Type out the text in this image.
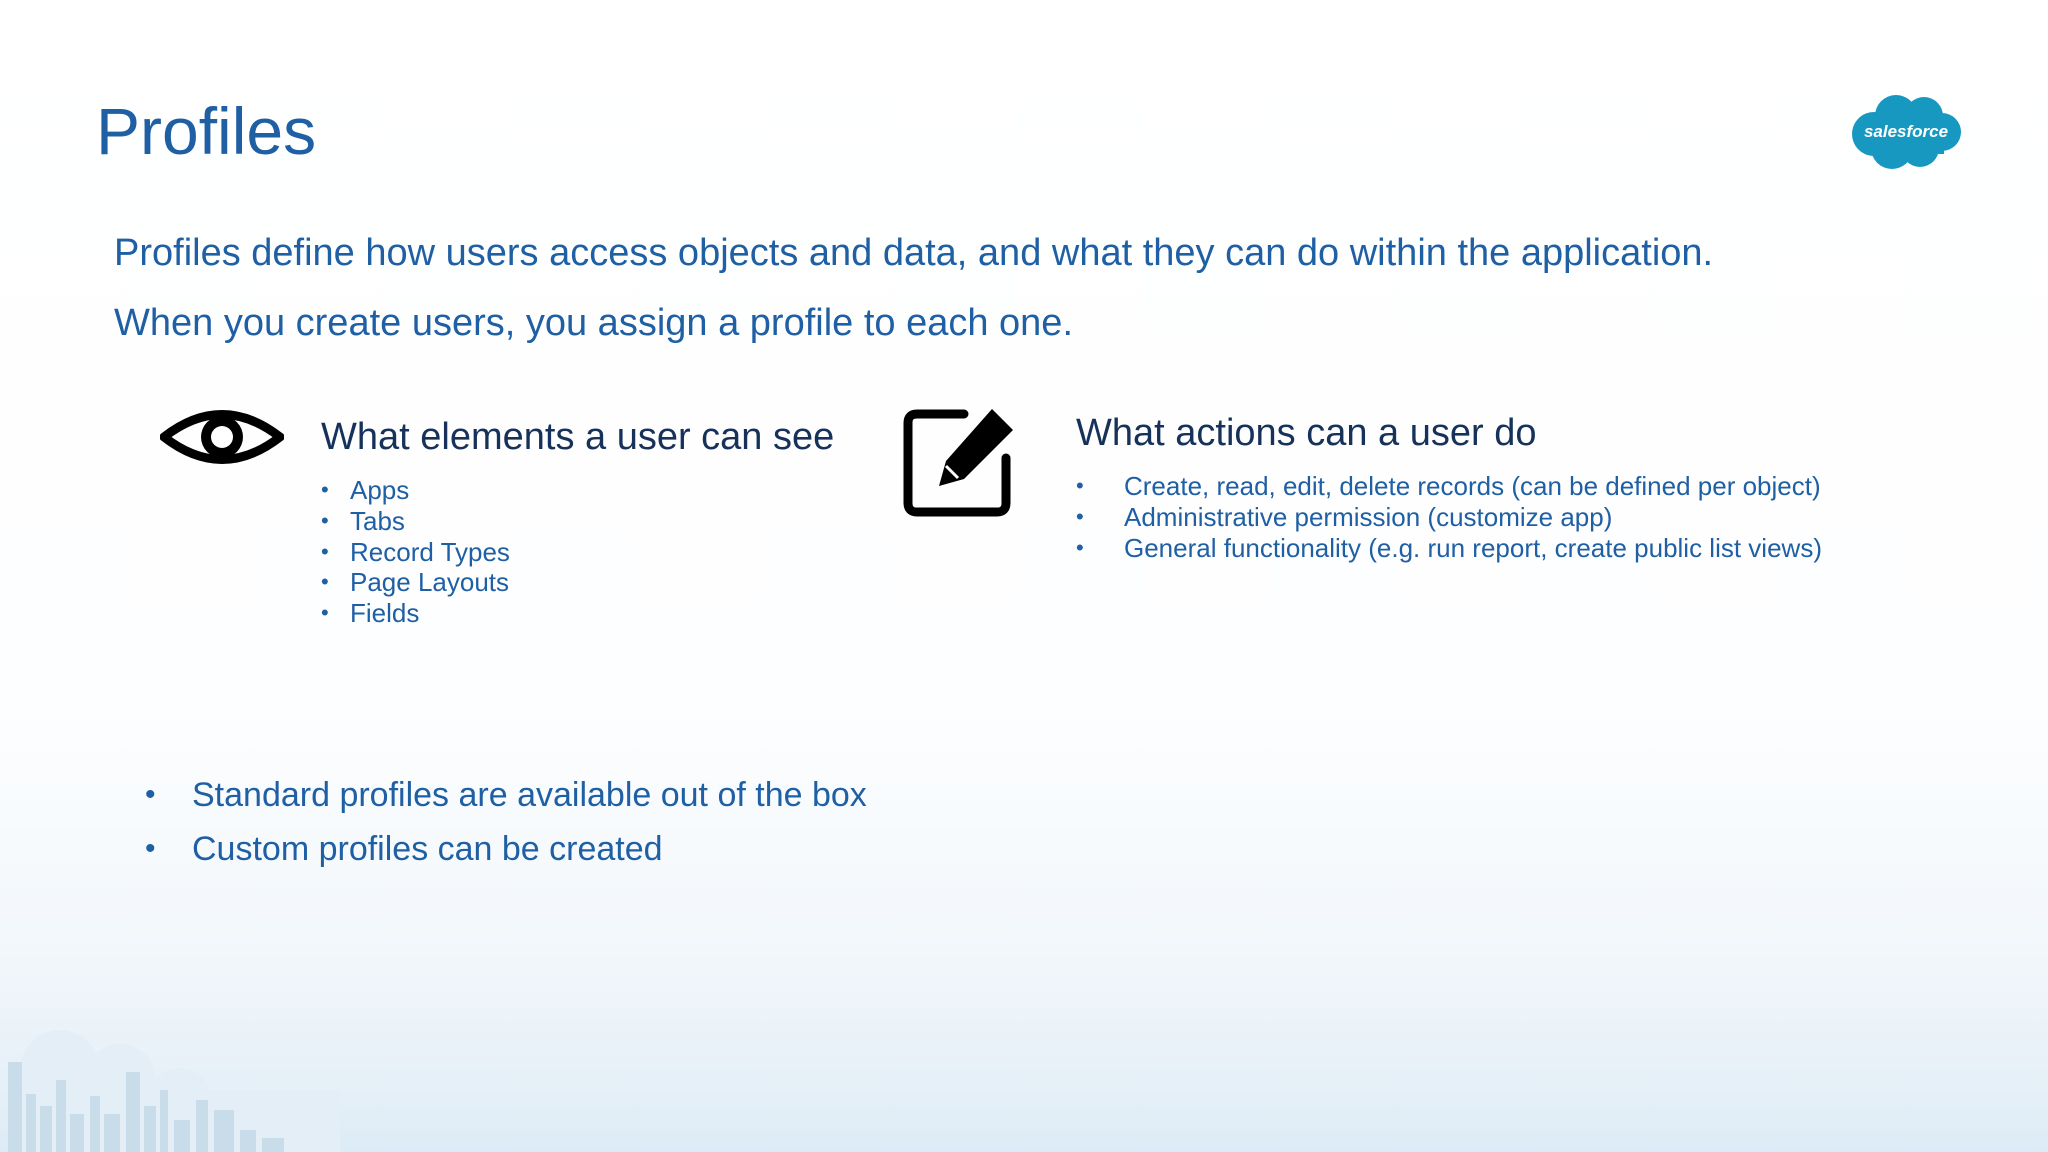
Profiles	salesforce

Profiles define how users access objects and data, and what they can do within the application.

When you create users, you assign a profile to each one.

What elements a user can see
• Apps
• Tabs
• Record Types
• Page Layouts
• Fields
What actions can a user do
• Create, read, edit, delete records (can be defined per object)
• Administrative permission (customize app)
• General functionality (e.g. run report, create public list views)
• Standard profiles are available out of the box
• Custom profiles can be created
